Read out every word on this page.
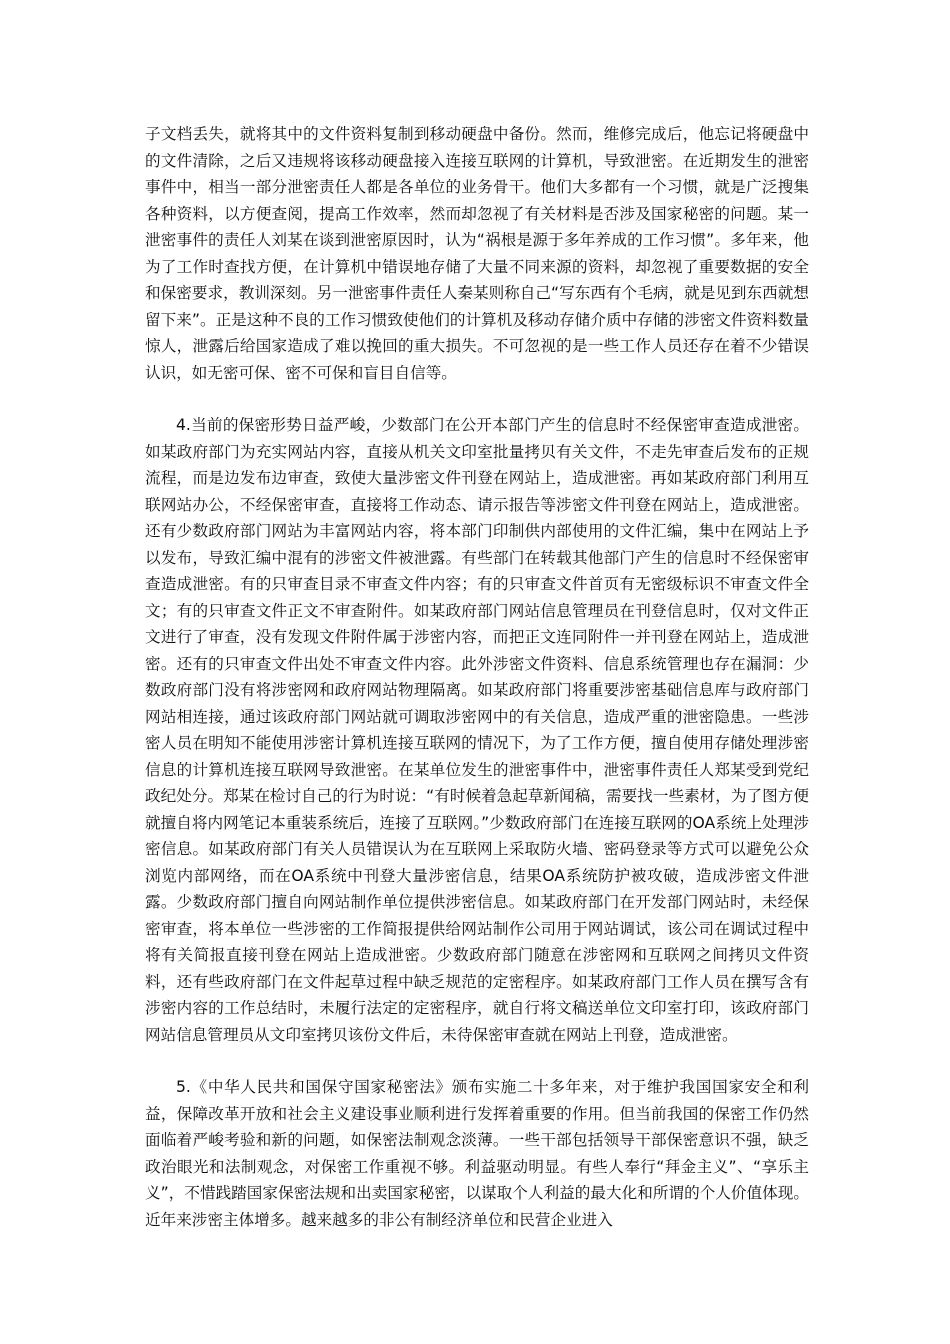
子文档丢失，就将其中的文件资料复制到移动硬盘中备份。然而，维修完成后，他忘记将硬盘中的文件清除，之后又违规将该移动硬盘接入连接互联网的计算机，导致泄密。在近期发生的泄密事件中，相当一部分泄密责任人都是各单位的业务骨干。他们大多都有一个习惯，就是广泛搜集各种资料，以方便查阅，提高工作效率，然而却忽视了有关材料是否涉及国家秘密的问题。某一泄密事件的责任人刘某在谈到泄密原因时，认为“祸根是源于多年养成的工作习惯”。多年来，他为了工作时查找方便，在计算机中错误地存储了大量不同来源的资料，却忽视了重要数据的安全和保密要求，教训深刻。另一泄密事件责任人秦某则称自己“写东西有个毛病，就是见到东西就想留下来”。正是这种不良的工作习惯致使他们的计算机及移动存储介质中存储的涉密文件资料数量惊人，泄露后给国家造成了难以挽回的重大损失。不可忽视的是一些工作人员还存在着不少错误认识，如无密可保、密不可保和盲目自信等。

4.当前的保密形势日益严峻，少数部门在公开本部门产生的信息时不经保密审查造成泄密。如某政府部门为充实网站内容，直接从机关文印室批量拷贝有关文件，不走先审查后发布的正规流程，而是边发布边审查，致使大量涉密文件刊登在网站上，造成泄密。再如某政府部门利用互联网站办公，不经保密审查，直接将工作动态、请示报告等涉密文件刊登在网站上，造成泄密。还有少数政府部门网站为丰富网站内容，将本部门印制供内部使用的文件汇编，集中在网站上予以发布，导致汇编中混有的涉密文件被泄露。有些部门在转载其他部门产生的信息时不经保密审查造成泄密。有的只审查目录不审查文件内容；有的只审查文件首页有无密级标识不审查文件全文；有的只审查文件正文不审查附件。如某政府部门网站信息管理员在刊登信息时，仅对文件正文进行了审查，没有发现文件附件属于涉密内容，而把正文连同附件一并刊登在网站上，造成泄密。还有的只审查文件出处不审查文件内容。此外涉密文件资料、信息系统管理也存在漏洞：少数政府部门没有将涉密网和政府网站物理隔离。如某政府部门将重要涉密基础信息库与政府部门网站相连接，通过该政府部门网站就可调取涉密网中的有关信息，造成严重的泄密隐患。一些涉密人员在明知不能使用涉密计算机连接互联网的情况下，为了工作方便，擅自使用存储处理涉密信息的计算机连接互联网导致泄密。在某单位发生的泄密事件中，泄密事件责任人郑某受到党纪政纪处分。郑某在检讨自己的行为时说：“有时候着急起草新闻稿，需要找一些素材，为了图方便就擅自将内网笔记本重装系统后，连接了互联网。”少数政府部门在连接互联网的OA系统上处理涉密信息。如某政府部门有关人员错误认为在互联网上采取防火墙、密码登录等方式可以避免公众浏览内部网络，而在OA系统中刊登大量涉密信息，结果OA系统防护被攻破，造成涉密文件泄露。少数政府部门擅自向网站制作单位提供涉密信息。如某政府部门在开发部门网站时，未经保密审查，将本单位一些涉密的工作简报提供给网站制作公司用于网站调试，该公司在调试过程中将有关简报直接刊登在网站上造成泄密。少数政府部门随意在涉密网和互联网之间拷贝文件资料，还有些政府部门在文件起草过程中缺乏规范的定密程序。如某政府部门工作人员在撰写含有涉密内容的工作总结时，未履行法定的定密程序，就自行将文稿送单位文印室打印，该政府部门网站信息管理员从文印室拷贝该份文件后，未待保密审查就在网站上刊登，造成泄密。

5.《中华人民共和国保守国家秘密法》颁布实施二十多年来，对于维护我国国家安全和利益，保障改革开放和社会主义建设事业顺利进行发挥着重要的作用。但当前我国的保密工作仍然面临着严峻考验和新的问题，如保密法制观念淡薄。一些干部包括领导干部保密意识不强，缺乏政治眼光和法制观念，对保密工作重视不够。利益驱动明显。有些人奉行“拜金主义”、“享乐主义”，不惜践踏国家保密法规和出卖国家秘密，以谋取个人利益的最大化和所谓的个人价值体现。近年来涉密主体增多。越来越多的非公有制经济单位和民营企业进入
